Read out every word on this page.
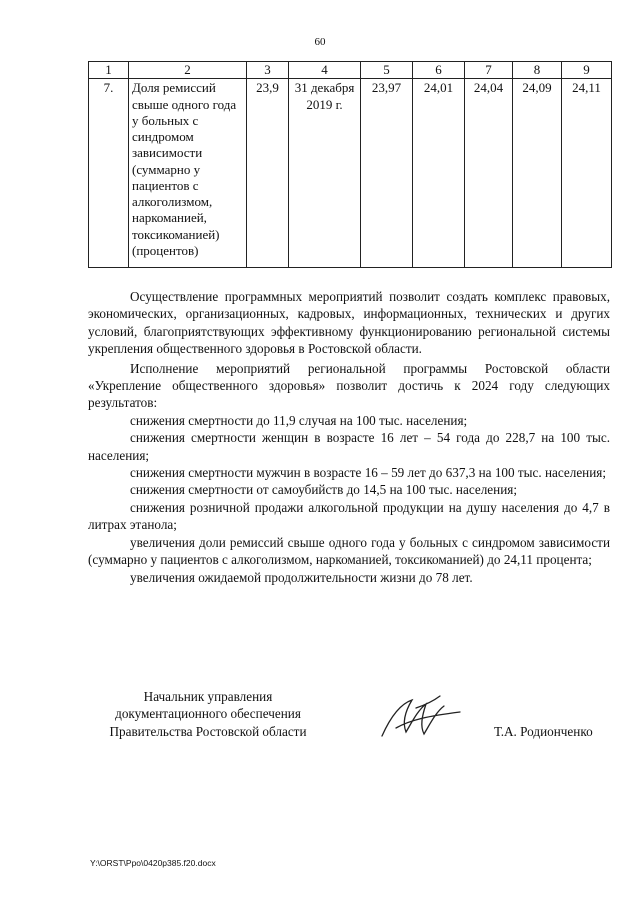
60
1	2	3	4	5	6	7	8	9
7.	Доля ремиссий свыше одного года у больных с синдромом зависимости (суммарно у пациентов с алкоголизмом, наркоманией, токсикоманией) (процентов)	23,9	31 декабря 2019 г.	23,97	24,01	24,04	24,09	24,11

Осуществление программных мероприятий позволит создать комплекс правовых, экономических, организационных, кадровых, информационных, технических и других условий, благоприятствующих эффективному функционированию региональной системы укрепления общественного здоровья в Ростовской области.

Исполнение мероприятий региональной программы Ростовской области «Укрепление общественного здоровья» позволит достичь к 2024 году следующих результатов:

снижения смертности до 11,9 случая на 100 тыс. населения;

снижения смертности женщин в возрасте 16 лет – 54 года до 228,7 на 100 тыс. населения;

снижения смертности мужчин в возрасте 16 – 59 лет до 637,3 на 100 тыс. населения;

снижения смертности от самоубийств до 14,5 на 100 тыс. населения;

снижения розничной продажи алкогольной продукции на душу населения до 4,7 в литрах этанола;

увеличения доли ремиссий свыше одного года у больных с синдромом зависимости (суммарно у пациентов с алкоголизмом, наркоманией, токсикоманией) до 24,11 процента;

увеличения ожидаемой продолжительности жизни до 78 лет.

Начальник управления
документационного обеспечения
Правительства Ростовской области	Т.А. Родионченко
Y:\ORST\Ppo\0420p385.f20.docx
